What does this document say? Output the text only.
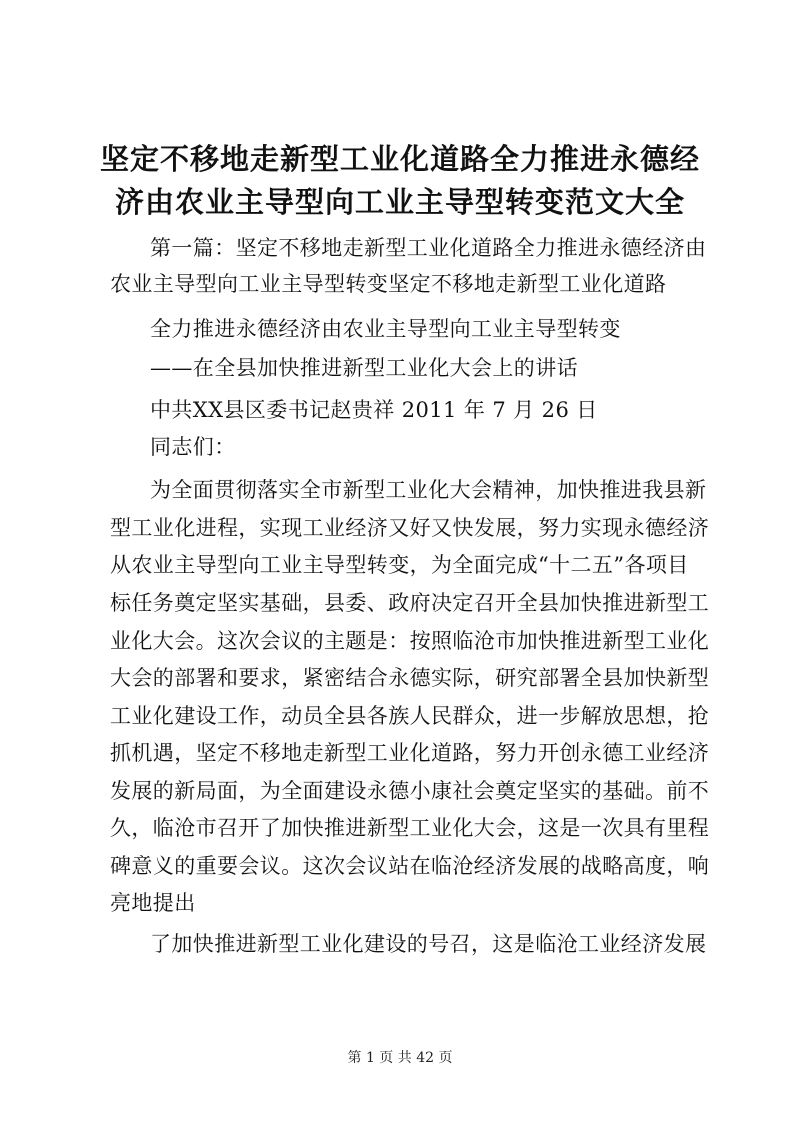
坚定不移地走新型工业化道路全力推进永德经
济由农业主导型向工业主导型转变范文大全

第一篇：坚定不移地走新型工业化道路全力推进永德经济由

农业主导型向工业主导型转变坚定不移地走新型工业化道路

全力推进永德经济由农业主导型向工业主导型转变

——在全县加快推进新型工业化大会上的讲话

中共XX县区委书记赵贵祥 2011 年 7 月 26 日

同志们：

为全面贯彻落实全市新型工业化大会精神，加快推进我县新

型工业化进程，实现工业经济又好又快发展，努力实现永德经济

从农业主导型向工业主导型转变，为全面完成“十二五”各项目

标任务奠定坚实基础，县委、政府决定召开全县加快推进新型工

业化大会。这次会议的主题是：按照临沧市加快推进新型工业化

大会的部署和要求，紧密结合永德实际，研究部署全县加快新型

工业化建设工作，动员全县各族人民群众，进一步解放思想，抢

抓机遇，坚定不移地走新型工业化道路，努力开创永德工业经济

发展的新局面，为全面建设永德小康社会奠定坚实的基础。前不

久，临沧市召开了加快推进新型工业化大会，这是一次具有里程

碑意义的重要会议。这次会议站在临沧经济发展的战略高度，响

亮地提出

了加快推进新型工业化建设的号召，这是临沧工业经济发展

第 1 页 共 42 页
